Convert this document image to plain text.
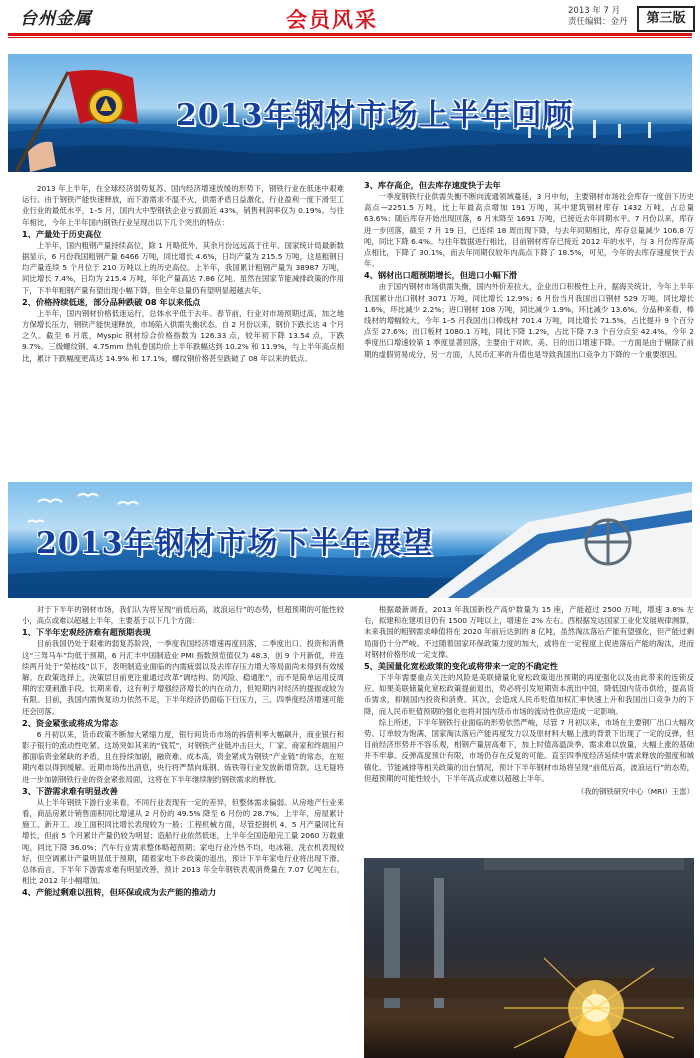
台州金属	会员风采	2013 年 7 月
责任编辑：金丹	第三版
2013年钢材市场上半年回顾

2013 年上半年，在全球经济弱势复苏、国内经济增速放缓的形势下，钢铁行业在低迷中艰难运行。由于钢铁产能快速释放，而下游需求不温不火，供需矛盾日益激化，行业盈利一度下滑至工业行业的最低水平，1–5 月，国内大中型钢铁企业亏损面近 43%，销售利润率仅为 0.19%。与往年相比，今年上半年国内钢铁行业呈现出以下几个突出的特点：

1、产量处于历史高位

上半年，国内粗钢产量持续高位，除 1 月略低外，其余月份远远高于往年。国家统计局最新数据显示，6 月份我国粗钢产量 6466 万吨，同比增长 4.6%，日均产量为 215.5 万吨，这是粗钢日均产量连续 5 个月位于 210 万吨以上的历史高位。上半年，我国累计粗钢产量为 38987 万吨，同比增长 7.4%，日均为 215.4 万吨，年化产量高达 7.86 亿吨。虽然在国家节能减排政策的作用下，下半年粗钢产量有望出现小幅下降，但全年总量仍有望明显超越去年。

2、价格持续低迷，部分品种跌破 08 年以来低点

上半年，国内钢材价格低迷运行，总体水平低于去年。春节前，行业对市场预期过高，加之地方保增长压力，钢铁产能快速释放，市场陷入供需失衡状态。自 2 月份以来，钢价下跌长达 4 个月之久。截至 6 月底，Myspic 钢材综合价格指数为 126.33 点，较年初下降 13.54 点，下跌 9.7%。三级螺纹钢、4.75mm 热轧卷国均价上半年跌幅达到 10.2% 和 11.9%，与上半年高点相比，累计下跌幅度更高达 14.9% 和 17.1%，螺纹钢价格甚至跌破了 08 年以来的低点。

3、库存高企，但去库存速度快于去年

一季度钢铁行业供需失衡不断向流通领域蔓延，3 月中旬，主要钢材市场社会库存一度创下历史高点—2251.5 万吨，比上年最高点增加 191 万吨，其中建筑钢材库存 1432 万吨，占总量 63.6%；随后库存开始出现回落，6 月末降至 1691 万吨，已接近去年同期水平。7 月份以来，库存进一步回落，截至 7 月 19 日，已连续 18 周出现下降，与去年同期相比，库存总量减少 106.8 万吨，同比下降 6.4%。与往年数据进行相比，目前钢材库存已接近 2012 年的水平，与 3 月份库存高点相比，下降了 30.1%，而去年同期仅较年内高点下降了 18.5%，可见，今年的去库存速度快于去年。

4、钢材出口超预期增长，但进口小幅下滑

由于国内钢材市场供需失衡，国内外价差拉大，企业出口积极性上升，据海关统计，今年上半年我国累计出口钢材 3071 万吨，同比增长 12.9%；6 月份当月我国出口钢材 529 万吨，同比增长 1.6%，环比减少 2.2%；进口钢材 108 万吨，同比减少 1.9%，环比减少 13.6%。分品种来看，棒线材的增幅较大，今年 1–5 月我国出口棒线材 701.4 万吨，同比增长 71.5%，占比提升 9 个百分点至 27.6%；出口板材 1080.1 万吨，同比下降 1.2%，占比下降 7.3 个百分点至 42.4%。今年 2 季度出口增速较第 1 季度显著回落，主要由于对欧、美、日的出口增速下降。一方面是由于剔除了前期的虚假贸易成分，另一方面，人民币汇率的升值也是导致我国出口竞争力下降的一个重要原因。

2013年钢材市场下半年展望

对于下半年的钢材市场，我们认为将呈现“前低后高，波浪运行”的态势，但超预期的可能性较小，高点或难以超越上半年，主要基于以下几个方面：

1、下半年宏观经济难有超预期表现

目前我国仍处于艰难的弱复苏阶段，一季度我国经济增速再度回落，二季度出口、投资和消费这“三驾马车”均低于预期，6 月汇丰中国制造业 PMI 指数预览值仅为 48.3，创 9 个月新低，并连续两月处于“荣枯线”以下，表明制造业面临的内需疲弱以及去库存压力增大等局面尚未得到有效缓解。在政策选择上，决策层目前更注重通过改革“调结构、防风险、稳通胀”，而不是简单运用反周期的宏观刺激手段。长期来看，这有利于增强经济增长的内在动力，但短期内对经济的提振或较为有限。目前，我国内需恢复动力依然不足，下半年经济仍面临下行压力，三、四季度经济增速可能还会回落。

2、资金紧张或将成为常态

6 月初以来，货币政策不断加大紧缩力度，银行间货币市场的拆借利率大幅飙升，商业银行和影子银行的流动性吃紧。这场突如其来的“钱荒”，对钢铁产业链冲击巨大，厂家、商家和终端用户都面临资金紧缺的矛盾，且在持续加剧，融资难、成本高，资金紧成为钢铁“产业链”的常态，在短期内难以得到缓解。近期市场传出消息，央行将严禁向炼钢、炼铁等行业发放新增贷款。这无疑将进一步加剧钢铁行业的资金紧张局面，这将在下半年继续制约钢铁需求的释放。

3、下游需求难有明显改善

从上半年钢铁下游行业来看，不同行业表现有一定的差异，但整体需求偏弱。从房地产行业来看，商品房累计销售面积同比增速从 2 月份的 49.5% 降至 6 月份的 28.7%。上半年，房屋累计施工、新开工、竣工面积同比增长表现较为一般；工程机械方面，尽管挖掘机 4、5 月产量同比有增长，但前 5 个月累计产量仍较为明显；造船行业依然低迷，上半年全国造船完工量 2060 万载重吨，同比下降 36.0%；汽车行业需求整体略超预期；家电行业冷热不均，电冰箱、洗衣机表现较好，但空调累计产量明显低于预期，随着家电下乡政策的退出，预计下半年家电行业将出现下滑。总体而言，下半年下游需求难有明显改善，预计 2013 年全年钢铁表观消费量在 7.07 亿吨左右，相比 2012 年小幅增加。

4、产能过剩难以扭转，但环保或成为去产能的推动力

根据最新调查，2013 年我国新投产高炉数量为 15 座，产能超过 2500 万吨，增速 3.8% 左右，拟建和在建项目仍有 1500 万吨以上，增速在 2% 左右。西根据发达国家工业化发展规律测算，未来我国的粗钢需求峰值将在 2020 年前后达到的 8 亿吨，虽然淘汰落后产能有望强化，但产能过剩局面仍十分严峻。不过随着国家环保政策力度的加大，或将在一定程度上促进落后产能的淘汰，进而对钢材价格形成一定支撑。

5、美国量化宽松政策的变化或将带来一定的不确定性

下半年需要重点关注的风险是美联储量化宽松政策退出预期的再度强化以及由此带来的连锁反应。如果美联储量化宽松政策提前退出，势必将引发短期资本流出中国，降低国内货币供给，提高货币需求，抑制国内投资和消费。其次，会造成人民币贬值加权汇率快速上升和我国出口竞争力的下降，而人民币贬值预期的强化也将对国内货币市场的流动性供应造成一定影响。

综上所述，下半年钢铁行业面临的形势依然严峻，尽管 7 月初以来，市场在主要钢厂出口大幅攻势、订单较为饱满、国家淘汰落后产能再度发力以及原材料大幅上涨的背景下出现了一定的反弹，但目前经济形势并不容乐观，相钢产量居高难下，加上时值高温淡季，需求难以放量，大幅上涨的基础并不牢靠。反弹高度预计有限，市场仍存在反复的可能。直至四季度经济延续中需求释放的强度和城镇化、节能减排等相关政策的出台情况，预计下半年钢材市场将呈现“前低后高，波浪运行”的态势，但超预期的可能性较小，下半年高点或难以超越上半年。

（我的钢铁研究中心（MRI）王雷）
